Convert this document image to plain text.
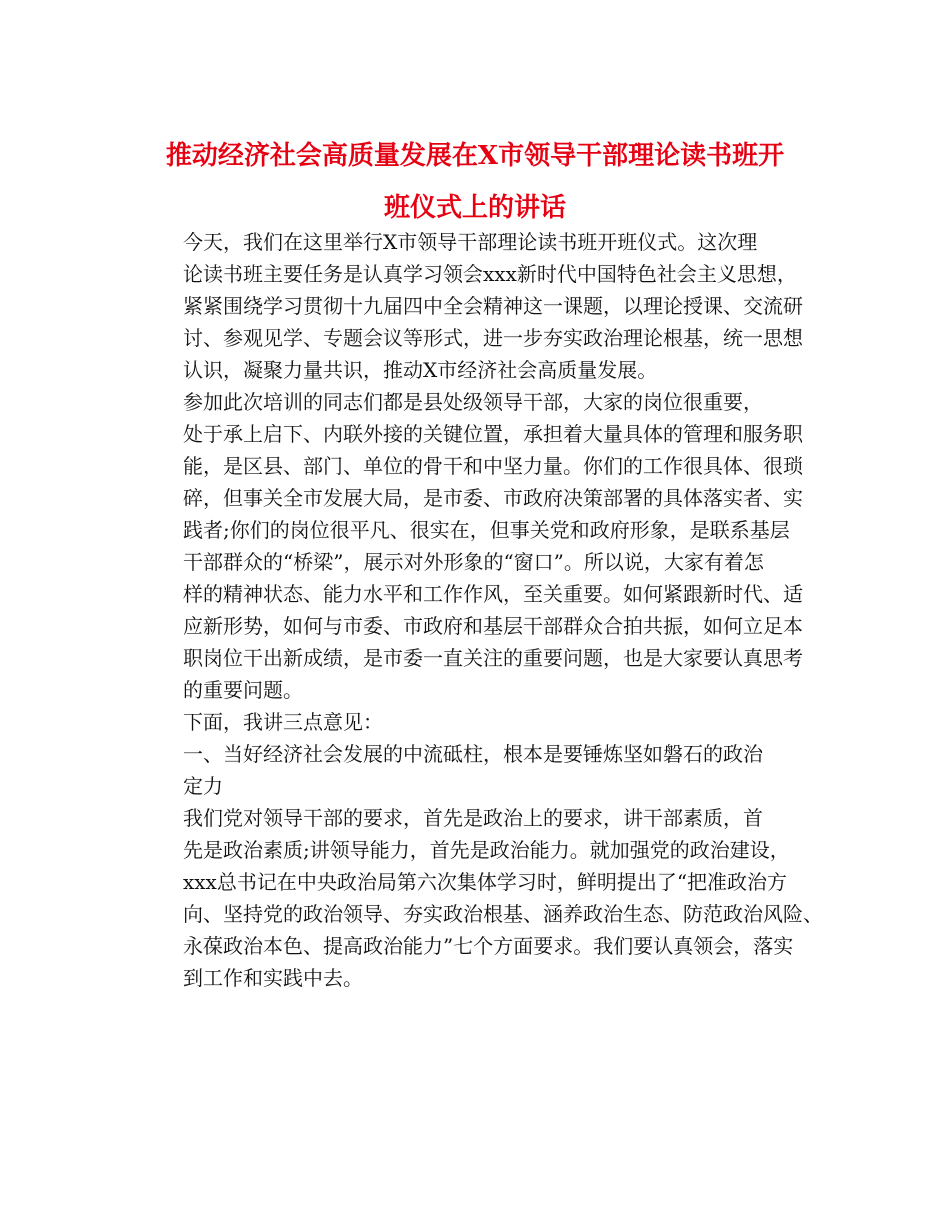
推动经济社会高质量发展在X市领导干部理论读书班开
班仪式上的讲话

今天，我们在这里举行X市领导干部理论读书班开班仪式。这次理
论读书班主要任务是认真学习领会xxx新时代中国特色社会主义思想，
紧紧围绕学习贯彻十九届四中全会精神这一课题，以理论授课、交流研
讨、参观见学、专题会议等形式，进一步夯实政治理论根基，统一思想
认识，凝聚力量共识，推动X市经济社会高质量发展。

参加此次培训的同志们都是县处级领导干部，大家的岗位很重要，
处于承上启下、内联外接的关键位置，承担着大量具体的管理和服务职
能，是区县、部门、单位的骨干和中坚力量。你们的工作很具体、很琐
碎，但事关全市发展大局，是市委、市政府决策部署的具体落实者、实
践者;你们的岗位很平凡、很实在，但事关党和政府形象，是联系基层
干部群众的“桥梁”，展示对外形象的“窗口”。所以说，大家有着怎
样的精神状态、能力水平和工作作风，至关重要。如何紧跟新时代、适
应新形势，如何与市委、市政府和基层干部群众合拍共振，如何立足本
职岗位干出新成绩，是市委一直关注的重要问题，也是大家要认真思考
的重要问题。

下面，我讲三点意见：

一、当好经济社会发展的中流砥柱，根本是要锤炼坚如磐石的政治
定力

我们党对领导干部的要求，首先是政治上的要求，讲干部素质，首
先是政治素质;讲领导能力，首先是政治能力。就加强党的政治建设，
xxx总书记在中央政治局第六次集体学习时，鲜明提出了“把准政治方
向、坚持党的政治领导、夯实政治根基、涵养政治生态、防范政治风险、
永葆政治本色、提高政治能力”七个方面要求。我们要认真领会，落实
到工作和实践中去。
